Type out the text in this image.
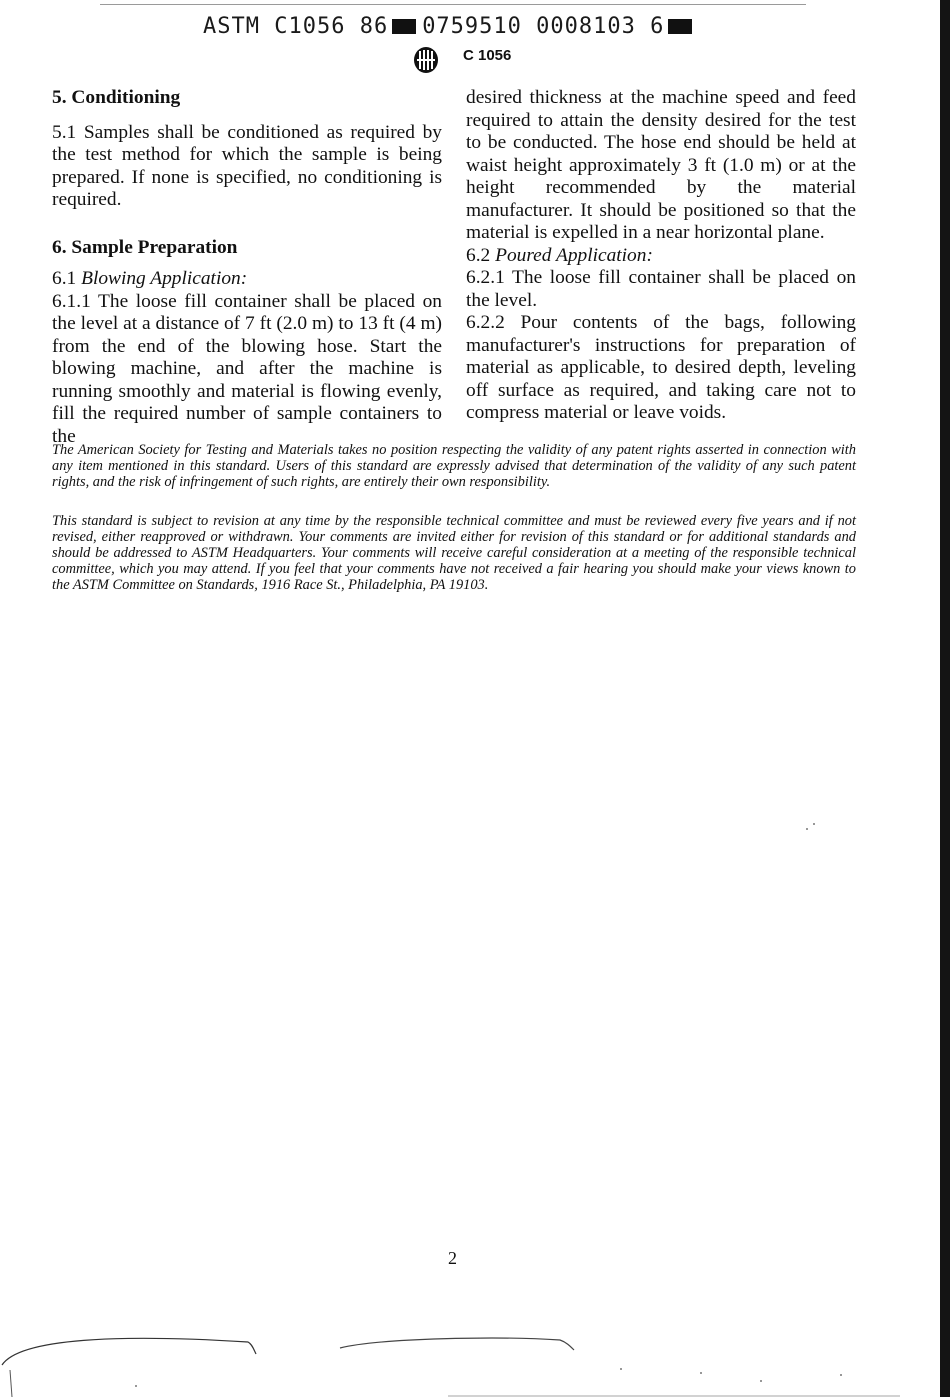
ASTM C1056 86 0759510 0008103 6
C 1056
5. Conditioning

5.1 Samples shall be conditioned as required by the test method for which the sample is being prepared. If none is specified, no conditioning is required.

6. Sample Preparation

6.1 Blowing Application:

6.1.1 The loose fill container shall be placed on the level at a distance of 7 ft (2.0 m) to 13 ft (4 m) from the end of the blowing hose. Start the blowing machine, and after the machine is running smoothly and material is flowing evenly, fill the required number of sample containers to the

desired thickness at the machine speed and feed required to attain the density desired for the test to be conducted. The hose end should be held at waist height approximately 3 ft (1.0 m) or at the height recommended by the material manufacturer. It should be positioned so that the material is expelled in a near horizontal plane.

6.2 Poured Application:

6.2.1 The loose fill container shall be placed on the level.

6.2.2 Pour contents of the bags, following manufacturer's instructions for preparation of material as applicable, to desired depth, leveling off surface as required, and taking care not to compress material or leave voids.

The American Society for Testing and Materials takes no position respecting the validity of any patent rights asserted in connection with any item mentioned in this standard. Users of this standard are expressly advised that determination of the validity of any such patent rights, and the risk of infringement of such rights, are entirely their own responsibility.

This standard is subject to revision at any time by the responsible technical committee and must be reviewed every five years and if not revised, either reapproved or withdrawn. Your comments are invited either for revision of this standard or for additional standards and should be addressed to ASTM Headquarters. Your comments will receive careful consideration at a meeting of the responsible technical committee, which you may attend. If you feel that your comments have not received a fair hearing you should make your views known to the ASTM Committee on Standards, 1916 Race St., Philadelphia, PA 19103.

2
